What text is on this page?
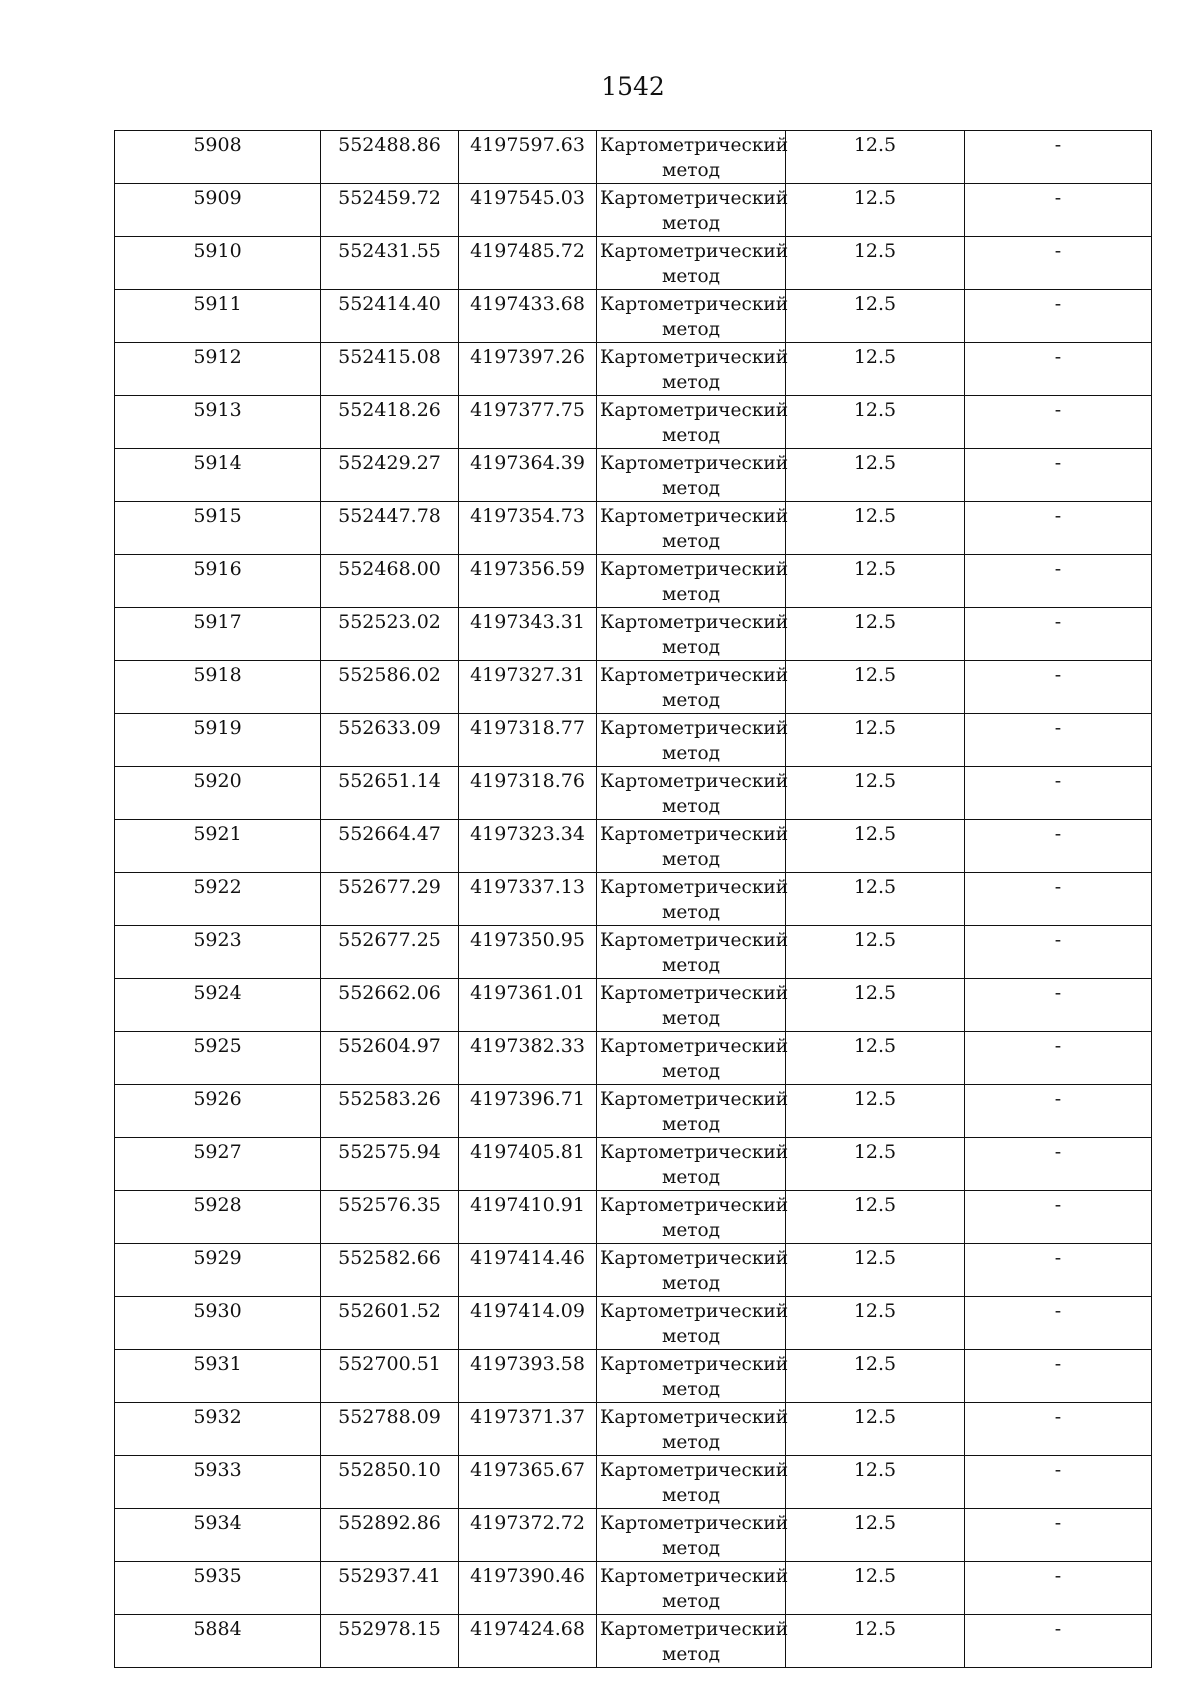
1542
5908	552488.86	4197597.63	Картометрический метод	12.5	-
5909	552459.72	4197545.03	Картометрический метод	12.5	-
5910	552431.55	4197485.72	Картометрический метод	12.5	-
5911	552414.40	4197433.68	Картометрический метод	12.5	-
5912	552415.08	4197397.26	Картометрический метод	12.5	-
5913	552418.26	4197377.75	Картометрический метод	12.5	-
5914	552429.27	4197364.39	Картометрический метод	12.5	-
5915	552447.78	4197354.73	Картометрический метод	12.5	-
5916	552468.00	4197356.59	Картометрический метод	12.5	-
5917	552523.02	4197343.31	Картометрический метод	12.5	-
5918	552586.02	4197327.31	Картометрический метод	12.5	-
5919	552633.09	4197318.77	Картометрический метод	12.5	-
5920	552651.14	4197318.76	Картометрический метод	12.5	-
5921	552664.47	4197323.34	Картометрический метод	12.5	-
5922	552677.29	4197337.13	Картометрический метод	12.5	-
5923	552677.25	4197350.95	Картометрический метод	12.5	-
5924	552662.06	4197361.01	Картометрический метод	12.5	-
5925	552604.97	4197382.33	Картометрический метод	12.5	-
5926	552583.26	4197396.71	Картометрический метод	12.5	-
5927	552575.94	4197405.81	Картометрический метод	12.5	-
5928	552576.35	4197410.91	Картометрический метод	12.5	-
5929	552582.66	4197414.46	Картометрический метод	12.5	-
5930	552601.52	4197414.09	Картометрический метод	12.5	-
5931	552700.51	4197393.58	Картометрический метод	12.5	-
5932	552788.09	4197371.37	Картометрический метод	12.5	-
5933	552850.10	4197365.67	Картометрический метод	12.5	-
5934	552892.86	4197372.72	Картометрический метод	12.5	-
5935	552937.41	4197390.46	Картометрический метод	12.5	-
5884	552978.15	4197424.68	Картометрический метод	12.5	-
